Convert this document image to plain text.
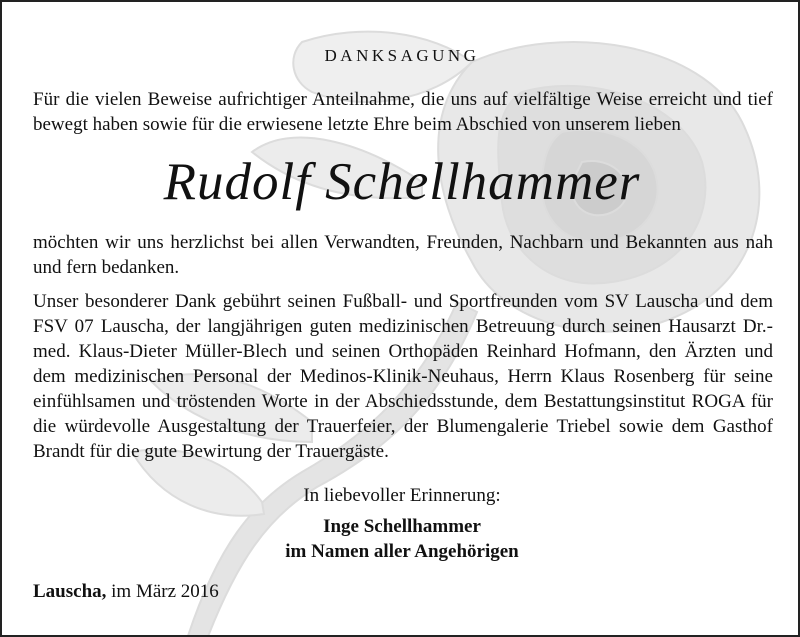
DANKSAGUNG
Für die vielen Beweise aufrichtiger Anteilnahme, die uns auf vielfältige Weise erreicht und tief bewegt haben sowie für die erwiesene letzte Ehre beim Abschied von unserem lieben
Rudolf Schellhammer
möchten wir uns herzlichst bei allen Verwandten, Freunden, Nachbarn und Bekannten aus nah und fern bedanken.
Unser besonderer Dank gebührt seinen Fußball- und Sportfreunden vom SV Lauscha und dem FSV 07 Lauscha, der langjährigen guten medizinischen Betreuung durch seinen Hausarzt Dr.-med. Klaus-Dieter Müller-Blech und seinen Orthopäden Reinhard Hofmann, den Ärzten und dem medizinischen Personal der Medinos-Klinik-Neuhaus, Herrn Klaus Rosenberg für seine einfühlsamen und tröstenden Worte in der Abschiedsstunde, dem Bestattungsinstitut ROGA für die würdevolle Ausgestaltung der Trauerfeier, der Blumengalerie Triebel sowie dem Gasthof Brandt für die gute Bewirtung der Trauergäste.
In liebevoller Erinnerung:
Inge Schellhammer
im Namen aller Angehörigen
Lauscha, im März 2016
